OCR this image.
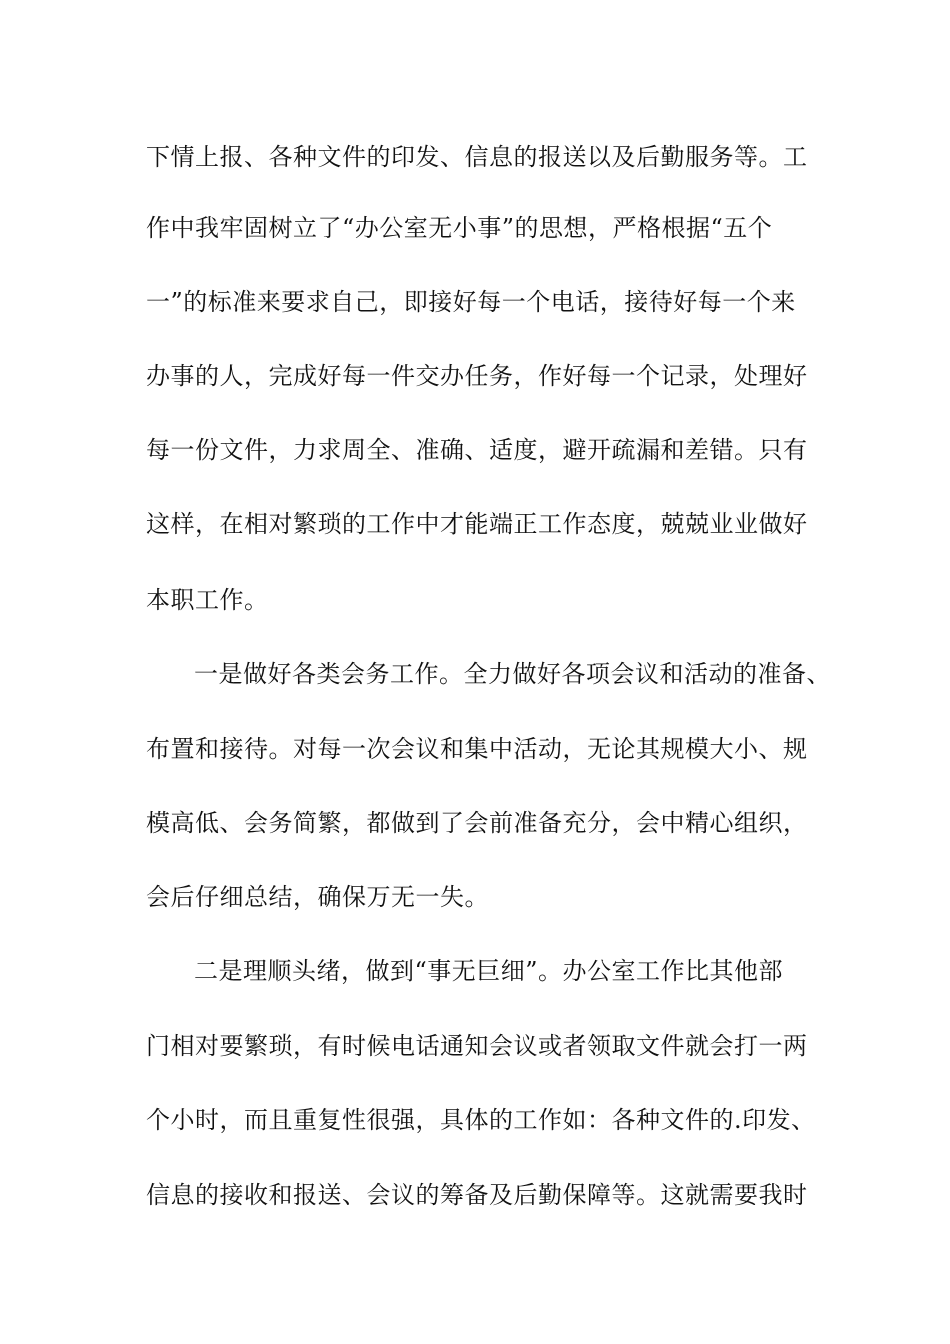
下情上报、各种文件的印发、信息的报送以及后勤服务等。工
作中我牢固树立了“办公室无小事”的思想，严格根据“五个
一”的标准来要求自己，即接好每一个电话，接待好每一个来
办事的人，完成好每一件交办任务，作好每一个记录，处理好
每一份文件，力求周全、准确、适度，避开疏漏和差错。只有
这样，在相对繁琐的工作中才能端正工作态度，兢兢业业做好
本职工作。
一是做好各类会务工作。全力做好各项会议和活动的准备、
布置和接待。对每一次会议和集中活动，无论其规模大小、规
模高低、会务简繁，都做到了会前准备充分，会中精心组织，
会后仔细总结，确保万无一失。
二是理顺头绪，做到“事无巨细”。办公室工作比其他部
门相对要繁琐，有时候电话通知会议或者领取文件就会打一两
个小时，而且重复性很强，具体的工作如：各种文件的.印发、
信息的接收和报送、会议的筹备及后勤保障等。这就需要我时
